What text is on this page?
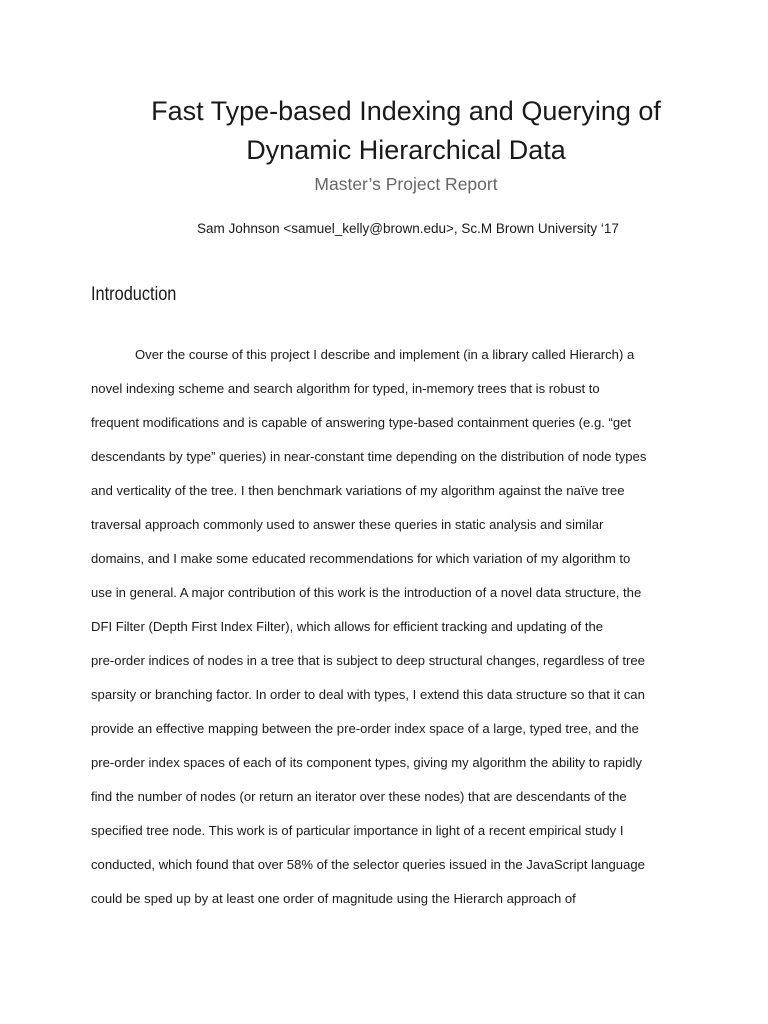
Fast Type-based Indexing and Querying of
Dynamic Hierarchical Data

Master’s Project Report

Sam Johnson <samuel_kelly@brown.edu>, Sc.M Brown University ‘17

Introduction
Over the course of this project I describe and implement (in a library called Hierarch) a
novel indexing scheme and search algorithm for typed, in-memory trees that is robust to
frequent modifications and is capable of answering type-based containment queries (e.g. “get
descendants by type” queries) in near-constant time depending on the distribution of node types
and verticality of the tree. I then benchmark variations of my algorithm against the naïve tree
traversal approach commonly used to answer these queries in static analysis and similar
domains, and I make some educated recommendations for which variation of my algorithm to
use in general. A major contribution of this work is the introduction of a novel data structure, the
DFI Filter (Depth First Index Filter), which allows for efficient tracking and updating of the
pre-order indices of nodes in a tree that is subject to deep structural changes, regardless of tree
sparsity or branching factor. In order to deal with types, I extend this data structure so that it can
provide an effective mapping between the pre-order index space of a large, typed tree, and the
pre-order index spaces of each of its component types, giving my algorithm the ability to rapidly
find the number of nodes (or return an iterator over these nodes) that are descendants of the
specified tree node. This work is of particular importance in light of a recent empirical study I
conducted, which found that over 58% of the selector queries issued in the JavaScript language
could be sped up by at least one order of magnitude using the Hierarch approach of
